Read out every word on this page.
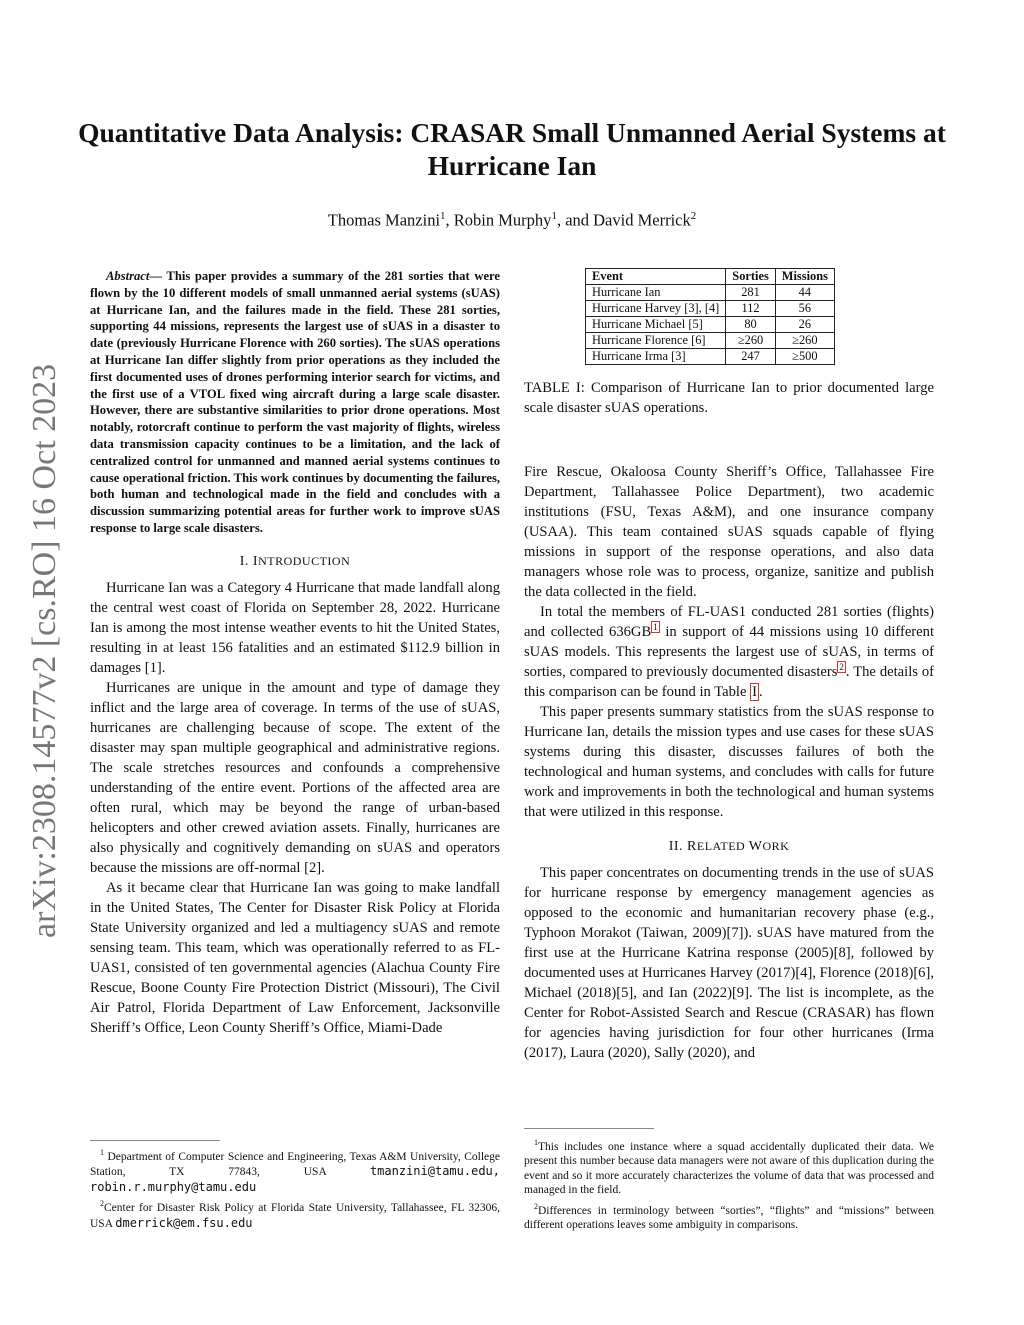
Quantitative Data Analysis: CRASAR Small Unmanned Aerial Systems at Hurricane Ian
Thomas Manzini$^1$, Robin Murphy$^1$, and David Merrick$^2$
arXiv:2308.14577v2 [cs.RO] 16 Oct 2023

Abstract— This paper provides a summary of the 281 sorties that were flown by the 10 different models of small unmanned aerial systems (sUAS) at Hurricane Ian, and the failures made in the field. These 281 sorties, supporting 44 missions, represents the largest use of sUAS in a disaster to date (previously Hurricane Florence with 260 sorties). The sUAS operations at Hurricane Ian differ slightly from prior operations as they included the first documented uses of drones performing interior search for victims, and the first use of a VTOL fixed wing aircraft during a large scale disaster. However, there are substantive similarities to prior drone operations. Most notably, rotorcraft continue to perform the vast majority of flights, wireless data transmission capacity continues to be a limitation, and the lack of centralized control for unmanned and manned aerial systems continues to cause operational friction. This work continues by documenting the failures, both human and technological made in the field and concludes with a discussion summarizing potential areas for further work to improve sUAS response to large scale disasters.

I. INTRODUCTION

Hurricane Ian was a Category 4 Hurricane that made landfall along the central west coast of Florida on September 28, 2022. Hurricane Ian is among the most intense weather events to hit the United States, resulting in at least 156 fatalities and an estimated $112.9 billion in damages [1].

Hurricanes are unique in the amount and type of damage they inflict and the large area of coverage. In terms of the use of sUAS, hurricanes are challenging because of scope. The extent of the disaster may span multiple geographical and administrative regions. The scale stretches resources and confounds a comprehensive understanding of the entire event. Portions of the affected area are often rural, which may be beyond the range of urban-based helicopters and other crewed aviation assets. Finally, hurricanes are also physically and cognitively demanding on sUAS and operators because the missions are off-normal [2].

As it became clear that Hurricane Ian was going to make landfall in the United States, The Center for Disaster Risk Policy at Florida State University organized and led a multiagency sUAS and remote sensing team. This team, which was operationally referred to as FL-UAS1, consisted of ten governmental agencies (Alachua County Fire Rescue, Boone County Fire Protection District (Missouri), The Civil Air Patrol, Florida Department of Law Enforcement, Jacksonville Sheriff’s Office, Leon County Sheriff’s Office, Miami-Dade

$^1$ Department of Computer Science and Engineering, Texas A&M University, College Station, TX 77843, USA tmanzini@tamu.edu, robin.r.murphy@tamu.edu

$^2$Center for Disaster Risk Policy at Florida State University, Tallahassee, FL 32306, USA dmerrick@em.fsu.edu

Event	Sorties	Missions
Hurricane Ian	281	44
Hurricane Harvey [3], [4]	112	56
Hurricane Michael [5]	80	26
Hurricane Florence [6]	≥260	≥260
Hurricane Irma [3]	247	≥500

TABLE I: Comparison of Hurricane Ian to prior documented large scale disaster sUAS operations.

Fire Rescue, Okaloosa County Sheriff’s Office, Tallahassee Fire Department, Tallahassee Police Department), two academic institutions (FSU, Texas A&M), and one insurance company (USAA). This team contained sUAS squads capable of flying missions in support of the response operations, and also data managers whose role was to process, organize, sanitize and publish the data collected in the field.

In total the members of FL-UAS1 conducted 281 sorties (flights) and collected 636GB $^1$ in support of 44 missions using 10 different sUAS models. This represents the largest use of sUAS, in terms of sorties, compared to previously documented disasters $^2$ . The details of this comparison can be found in Table I .

This paper presents summary statistics from the sUAS response to Hurricane Ian, details the mission types and use cases for these sUAS systems during this disaster, discusses failures of both the technological and human systems, and concludes with calls for future work and improvements in both the technological and human systems that were utilized in this response.

II. RELATED WORK

This paper concentrates on documenting trends in the use of sUAS for hurricane response by emergency management agencies as opposed to the economic and humanitarian recovery phase (e.g., Typhoon Morakot (Taiwan, 2009)[7]). sUAS have matured from the first use at the Hurricane Katrina response (2005)[8], followed by documented uses at Hurricanes Harvey (2017)[4], Florence (2018)[6], Michael (2018)[5], and Ian (2022)[9]. The list is incomplete, as the Center for Robot-Assisted Search and Rescue (CRASAR) has flown for agencies having jurisdiction for four other hurricanes (Irma (2017), Laura (2020), Sally (2020), and

$^1$This includes one instance where a squad accidentally duplicated their data. We present this number because data managers were not aware of this duplication during the event and so it more accurately characterizes the volume of data that was processed and managed in the field.

$^2$Differences in terminology between “sorties”, “flights” and “missions” between different operations leaves some ambiguity in comparisons.
